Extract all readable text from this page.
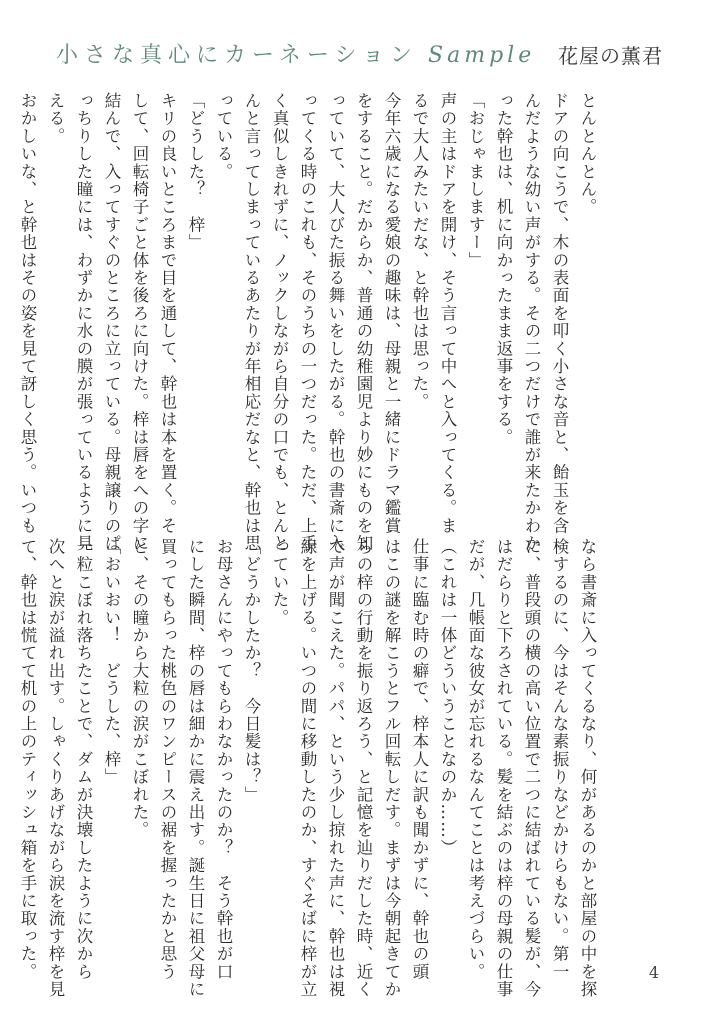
小さな真心にカーネーション Sample 花屋の薫君
とんとんとん。
ドアの向こうで、木の表面を叩く小さな音と、飴玉を含
んだような幼い声がする。その二つだけで誰が来たかわか
った幹也は、机に向かったまま返事をする。
「おじゃましますー」
声の主はドアを開け、そう言って中へと入ってくる。ま
るで大人みたいだな、と幹也は思った。
今年六歳になる愛娘の趣味は、母親と一緒にドラマ鑑賞
をすること。だからか、普通の幼稚園児より妙にものを知
っていて、大人びた振る舞いをしたがる。幹也の書斎に入
ってくる時のこれも、そのうちの一つだった。ただ、上手
く真似しきれずに、ノックしながら自分の口でも、とんと
んと言ってしまっているあたりが年相応だなと、幹也は思
っている。
「どうした？　梓」
キリの良いところまで目を通して、幹也は本を置く。そ
して、回転椅子ごと体を後ろに向けた。梓は唇をへの字に
結んで、入ってすぐのところに立っている。母親譲りのぱ
っちりした瞳には、わずかに水の膜が張っているように見
える。
おかしいな、と幹也はその姿を見て訝しく思う。いつも
なら書斎に入ってくるなり、何があるのかと部屋の中を探
検するのに、今はそんな素振りなどかけらもない。第一
に、普段頭の横の高い位置で二つに結ばれている髪が、今
はだらりと下ろされている。髪を結ぶのは梓の母親の仕事
だが、几帳面な彼女が忘れるなんてことは考えづらい。
（これは一体どういうことなのか……）
仕事に臨む時の癖で、梓本人に訳も聞かずに、幹也の頭
はこの謎を解こうとフル回転しだす。まずは今朝起きてか
らの梓の行動を振り返ろう、と記憶を辿りだした時、近く
で声が聞こえた。パパ、という少し掠れた声に、幹也は視
線を上げる。いつの間に移動したのか、すぐそばに梓が立
っていた。
「どうかしたか？　今日髪は？」
お母さんにやってもらわなかったのか？　そう幹也が口
にした瞬間、梓の唇は細かに震え出す。誕生日に祖父母に
買ってもらった桃色のワンピースの裾を握ったかと思う
と、その瞳から大粒の涙がこぼれた。
「おいおい！　どうした、梓」
一粒こぼれ落ちたことで、ダムが決壊したように次から
次へと涙が溢れ出す。しゃくりあげながら涙を流す梓を見
て、幹也は慌てて机の上のティッシュ箱を手に取った。	4
